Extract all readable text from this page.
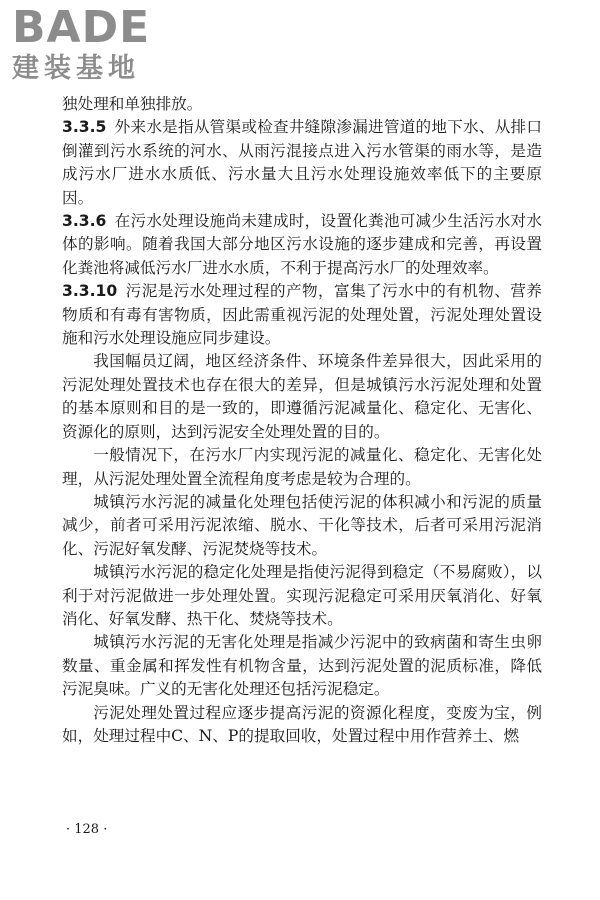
BADE
建装基地

独处理和单独排放。

3.3.5 外来水是指从管渠或检查井缝隙渗漏进管道的地下水、从排口倒灌到污水系统的河水、从雨污混接点进入污水管渠的雨水等，是造成污水厂进水水质低、污水量大且污水处理设施效率低下的主要原因。

3.3.6 在污水处理设施尚未建成时，设置化粪池可减少生活污水对水体的影响。随着我国大部分地区污水设施的逐步建成和完善，再设置化粪池将减低污水厂进水水质，不利于提高污水厂的处理效率。

3.3.10 污泥是污水处理过程的产物，富集了污水中的有机物、营养物质和有毒有害物质，因此需重视污泥的处理处置，污泥处理处置设施和污水处理设施应同步建设。

我国幅员辽阔，地区经济条件、环境条件差异很大，因此采用的污泥处理处置技术也存在很大的差异，但是城镇污水污泥处理和处置的基本原则和目的是一致的，即遵循污泥减量化、稳定化、无害化、资源化的原则，达到污泥安全处理处置的目的。

一般情况下，在污水厂内实现污泥的减量化、稳定化、无害化处理，从污泥处理处置全流程角度考虑是较为合理的。

城镇污水污泥的减量化处理包括使污泥的体积减小和污泥的质量减少，前者可采用污泥浓缩、脱水、干化等技术，后者可采用污泥消化、污泥好氧发酵、污泥焚烧等技术。

城镇污水污泥的稳定化处理是指使污泥得到稳定（不易腐败），以利于对污泥做进一步处理处置。实现污泥稳定可采用厌氧消化、好氧消化、好氧发酵、热干化、焚烧等技术。

城镇污水污泥的无害化处理是指减少污泥中的致病菌和寄生虫卵数量、重金属和挥发性有机物含量，达到污泥处置的泥质标准，降低污泥臭味。广义的无害化处理还包括污泥稳定。

污泥处理处置过程应逐步提高污泥的资源化程度，变废为宝，例如，处理过程中C、N、P的提取回收，处置过程中用作营养土、燃

· 128 ·
